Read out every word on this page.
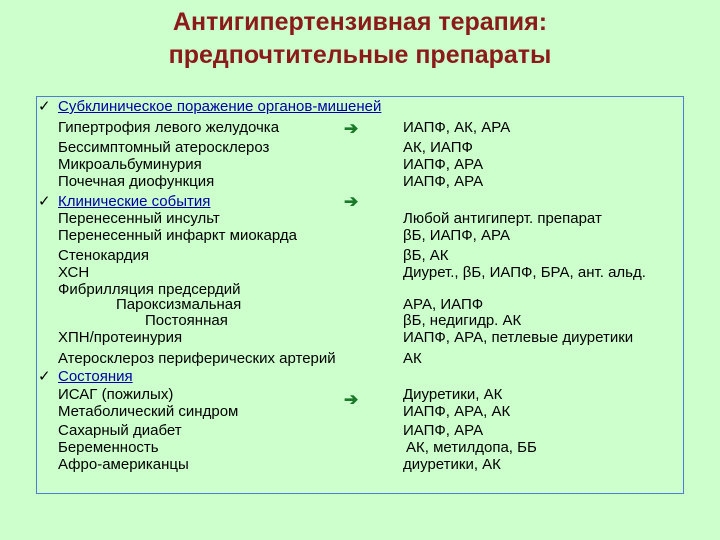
Антигипертензивная терапия:
предпочтительные препараты
✓ Субклиническое поражение органов-мишеней
Гипертрофия левого желудочка	➔	ИАПФ, АК, АРА
Бессимптомный атеросклероз	АК, ИАПФ
Микроальбуминурия	ИАПФ, АРА
Почечная диофункция	ИАПФ, АРА
✓ Клинические события	➔
Перенесенный инсульт	Любой антигиперт. препарат
Перенесенный инфаркт миокарда	βБ, ИАПФ, АРА
Стенокардия	βБ, АК
ХСН	Диурет., βБ, ИАПФ, БРА, ант. альд.
Фибрилляция предсердий
Пароксизмальная	АРА, ИАПФ
Постоянная	βБ, недигидр. АК
ХПН/протеинурия	ИАПФ, АРА, петлевые диуретики
Атеросклероз периферических артерий	АК
✓ Состояния
ИСАГ (пожилых)	➔	Диуретики, АК
Метаболический синдром	ИАПФ, АРА, АК
Сахарный диабет	ИАПФ, АРА
Беременность	АК, метилдопа, ББ
Афро-американцы	диуретики, АК
